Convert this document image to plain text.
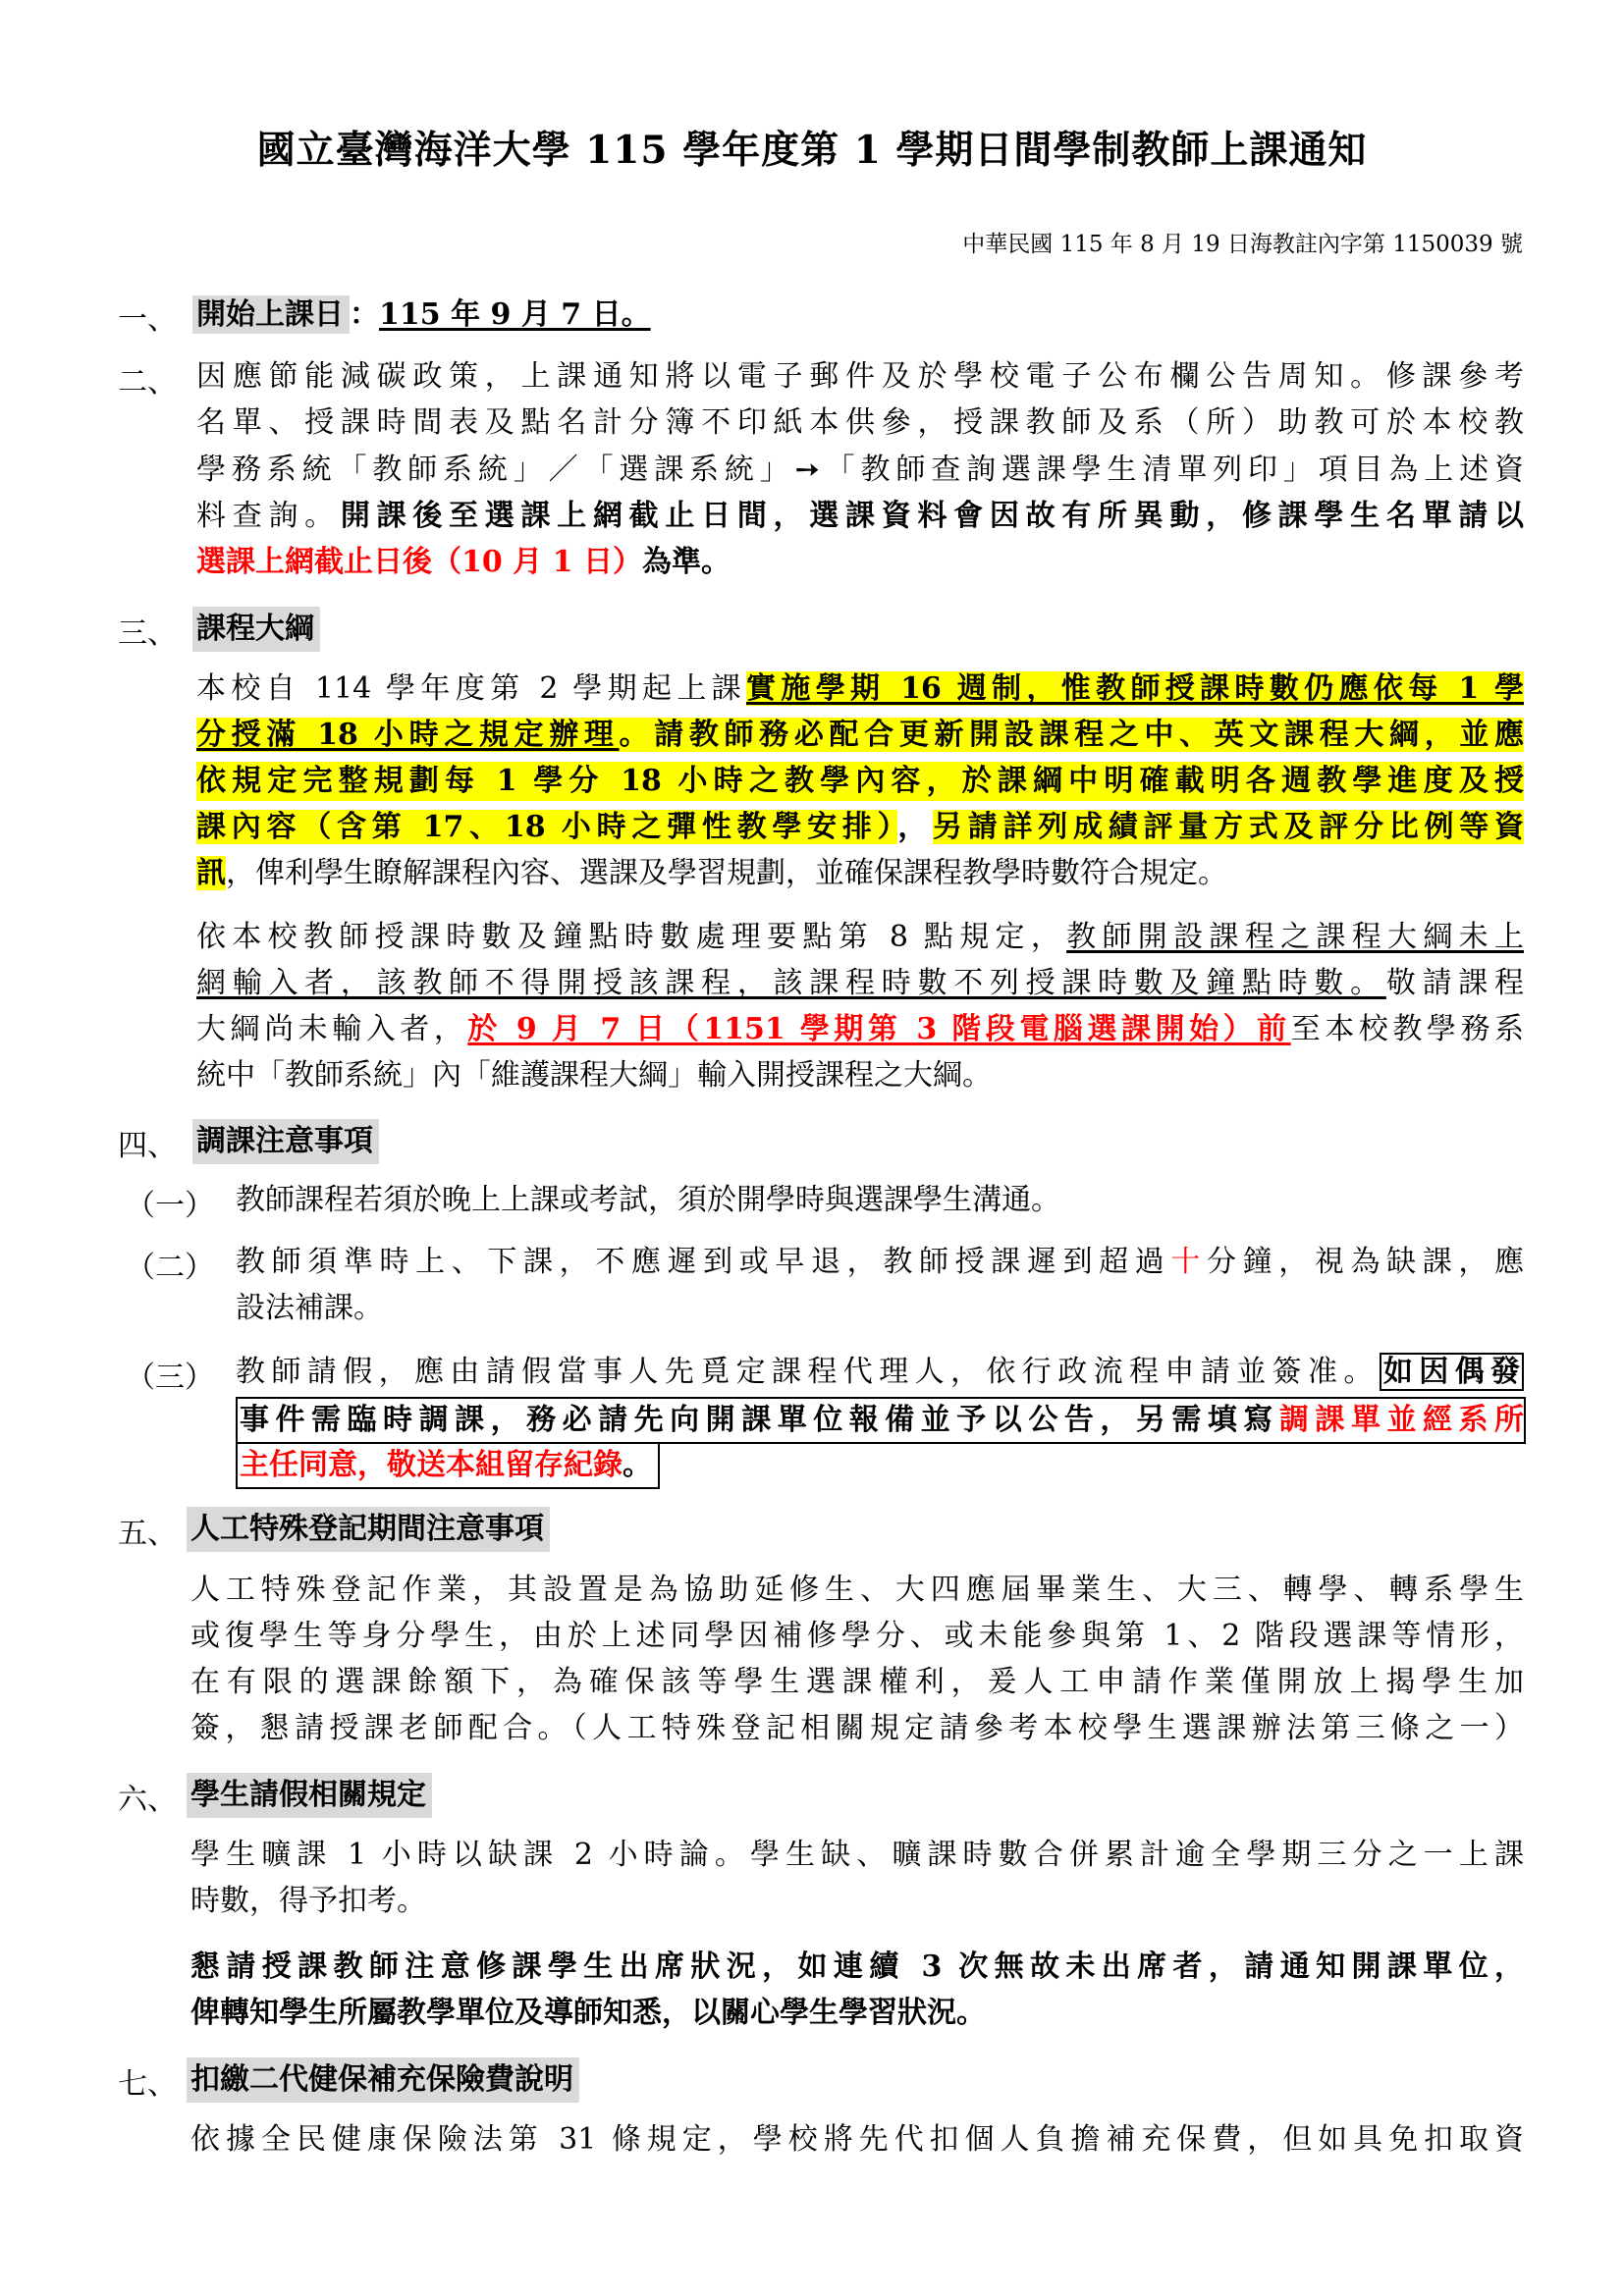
國立臺灣海洋大學 115 學年度第 1 學期日間學制教師上課通知
中華民國 115 年 8 月 19 日海教註內字第 1150039 號
一、 開始上課日 ：115 年 9 月 7 日。
二、 因應節能減碳政策，上課通知將以電子郵件及於學校電子公布欄公告周知。修課參考
名單、授課時間表及點名計分簿不印紙本供參，授課教師及系（所）助教可於本校教
學務系統「教師系統」／「選課系統」➙「教師查詢選課學生清單列印」項目為上述資
料查詢。開課後至選課上網截止日間，選課資料會因故有所異動，修課學生名單請以
選課上網截止日後（10 月 1 日）為準。
三、 課程大綱
本校自 114 學年度第 2 學期起上課實施學期 16 週制，惟教師授課時數仍應依每 1 學
分授滿 18 小時之規定辦理。請教師務必配合更新開設課程之中、英文課程大綱，並應
依規定完整規劃每 1 學分 18 小時之教學內容，於課綱中明確載明各週教學進度及授
課內容（含第 17、18 小時之彈性教學安排），另請詳列成績評量方式及評分比例等資
訊，俾利學生瞭解課程內容、選課及學習規劃，並確保課程教學時數符合規定。
依本校教師授課時數及鐘點時數處理要點第 8 點規定，教師開設課程之課程大綱未上
網輸入者，該教師不得開授該課程，該課程時數不列授課時數及鐘點時數。敬請課程
大綱尚未輸入者，於 9 月 7 日（1151 學期第 3 階段電腦選課開始）前至本校教學務系
統中「教師系統」內「維護課程大綱」輸入開授課程之大綱。
四、 調課注意事項
（一） 教師課程若須於晚上上課或考試，須於開學時與選課學生溝通。
（二） 教師須準時上、下課，不應遲到或早退，教師授課遲到超過十分鐘，視為缺課，應
設法補課。
（三） 教師請假，應由請假當事人先覓定課程代理人，依行政流程申請並簽准。 如因偶發
事件需臨時調課，務必請先向開課單位報備並予以公告，另需填寫調課單並經系所
主任同意，敬送本組留存紀錄。
五、 人工特殊登記期間注意事項
人工特殊登記作業，其設置是為協助延修生、大四應屆畢業生、大三、轉學、轉系學生
或復學生等身分學生，由於上述同學因補修學分、或未能參與第 1、2 階段選課等情形，
在有限的選課餘額下，為確保該等學生選課權利，爰人工申請作業僅開放上揭學生加
簽，懇請授課老師配合。（人工特殊登記相關規定請參考本校學生選課辦法第三條之一）
六、 學生請假相關規定
學生曠課 1 小時以缺課 2 小時論。學生缺、曠課時數合併累計逾全學期三分之一上課
時數，得予扣考。
懇請授課教師注意修課學生出席狀況，如連續 3 次無故未出席者，請通知開課單位，
俾轉知學生所屬教學單位及導師知悉，以關心學生學習狀況。
七、 扣繳二代健保補充保險費說明
依據全民健康保險法第 31 條規定，學校將先代扣個人負擔補充保費，但如具免扣取資
